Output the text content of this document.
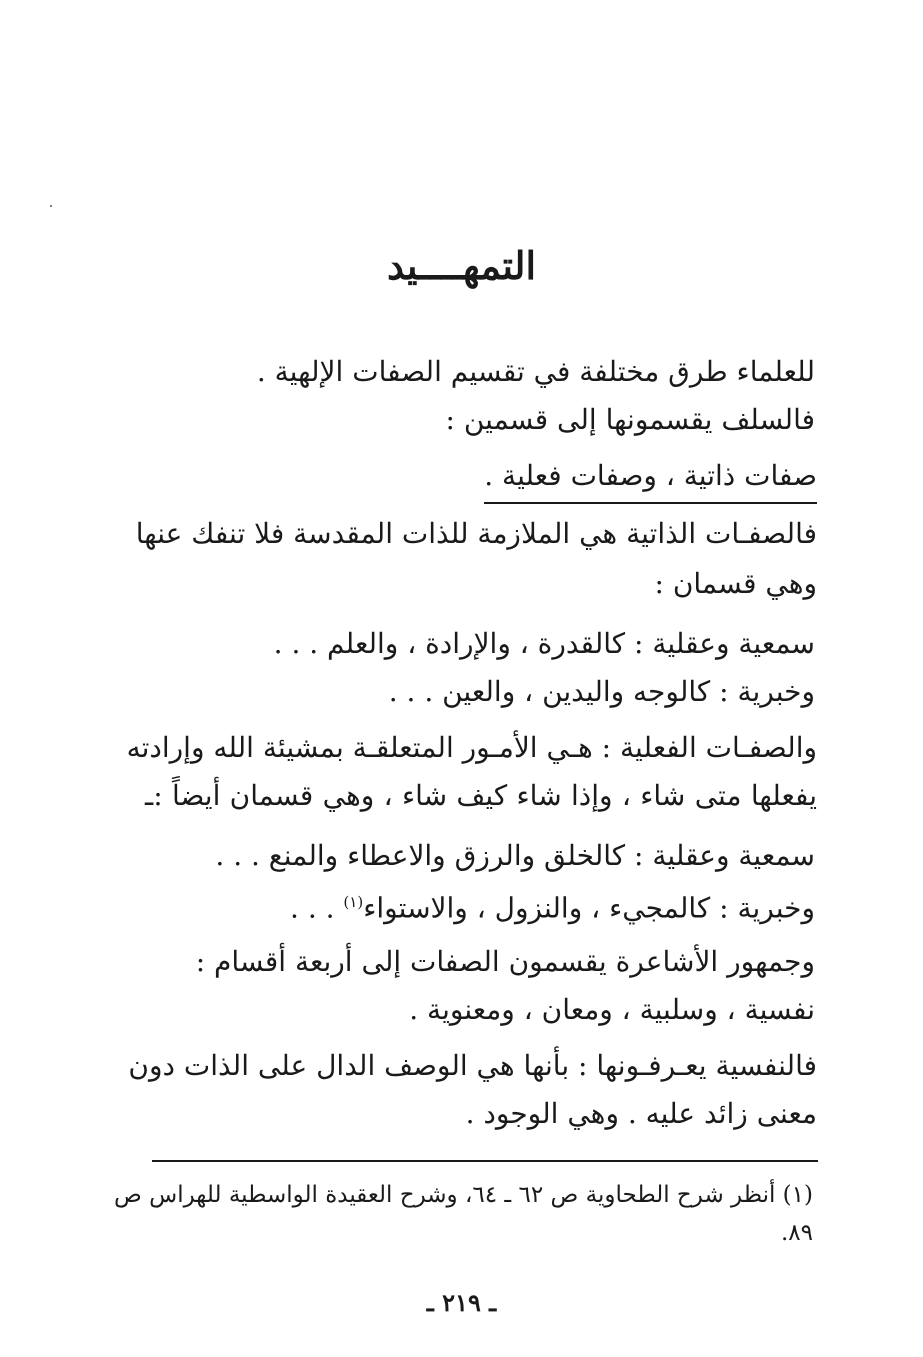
التمهــــيد
للعلماء طرق مختلفة في تقسيم الصفات الإلهية .
فالسلف يقسمونها إلى قسمين :
صفات ذاتية ، وصفات فعلية .
فالصفـات الذاتية هي الملازمة للذات المقدسة فلا تنفك عنها
وهي قسمان :
سمعية وعقلية : كالقدرة ، والإرادة ، والعلم . . .
وخبرية : كالوجه واليدين ، والعين . . .
والصفـات الفعلية : هـي الأمـور المتعلقـة بمشيئة الله وإرادته
يفعلها متى شاء ، وإذا شاء كيف شاء ، وهي قسمان أيضاً :ـ
سمعية وعقلية : كالخلق والرزق والاعطاء والمنع . . .
وخبرية : كالمجيء ، والنزول ، والاستواء$^{(١)}$ . . .
وجمهور الأشاعرة يقسمون الصفات إلى أربعة أقسام :
نفسية ، وسلبية ، ومعان ، ومعنوية .
فالنفسية يعـرفـونها : بأنها هي الوصف الدال على الذات دون
معنى زائد عليه . وهي الوجود .
(١) أنظر شرح الطحاوية ص ٦٢ ـ ٦٤، وشرح العقيدة الواسطية للهراس ص
٨٩.
ـ ٢١٩ ـ
